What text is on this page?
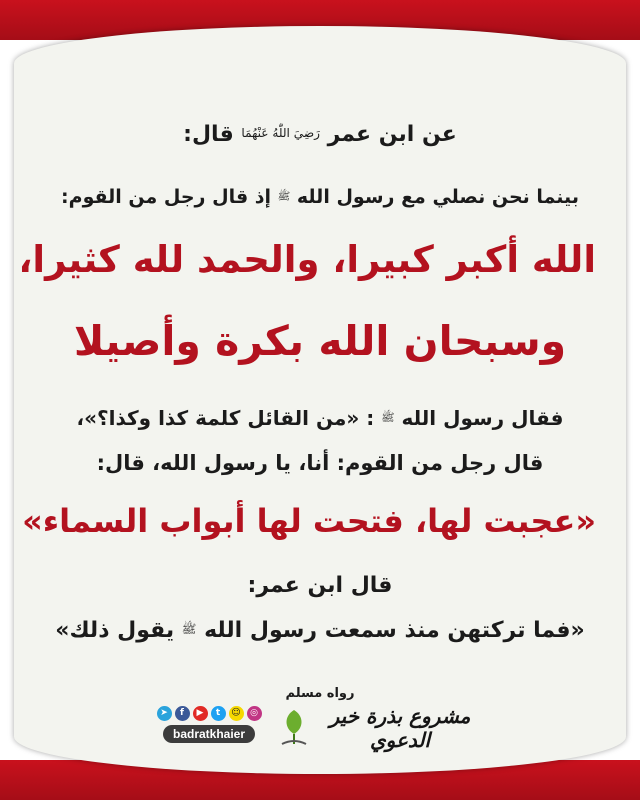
عن ابن عمر رَضِيَ اللّٰهُ عَنْهُمَا قال:
بينما نحن نصلي مع رسول الله ﷺ إذ قال رجل من القوم:
الله أكبر كبيرا، والحمد لله كثيرا،
وسبحان الله بكرة وأصيلا
فقال رسول الله ﷺ : «من القائل كلمة كذا وكذا؟»،
قال رجل من القوم: أنا، يا رسول الله، قال:
«عجبت لها، فتحت لها أبواب السماء»
قال ابن عمر:
«فما تركتهن منذ سمعت رسول الله ﷺ يقول ذلك»
رواه مسلم
➤	f	▶	t	☺	◎
badratkhaier
مشروع بذرة خير الدعوي
